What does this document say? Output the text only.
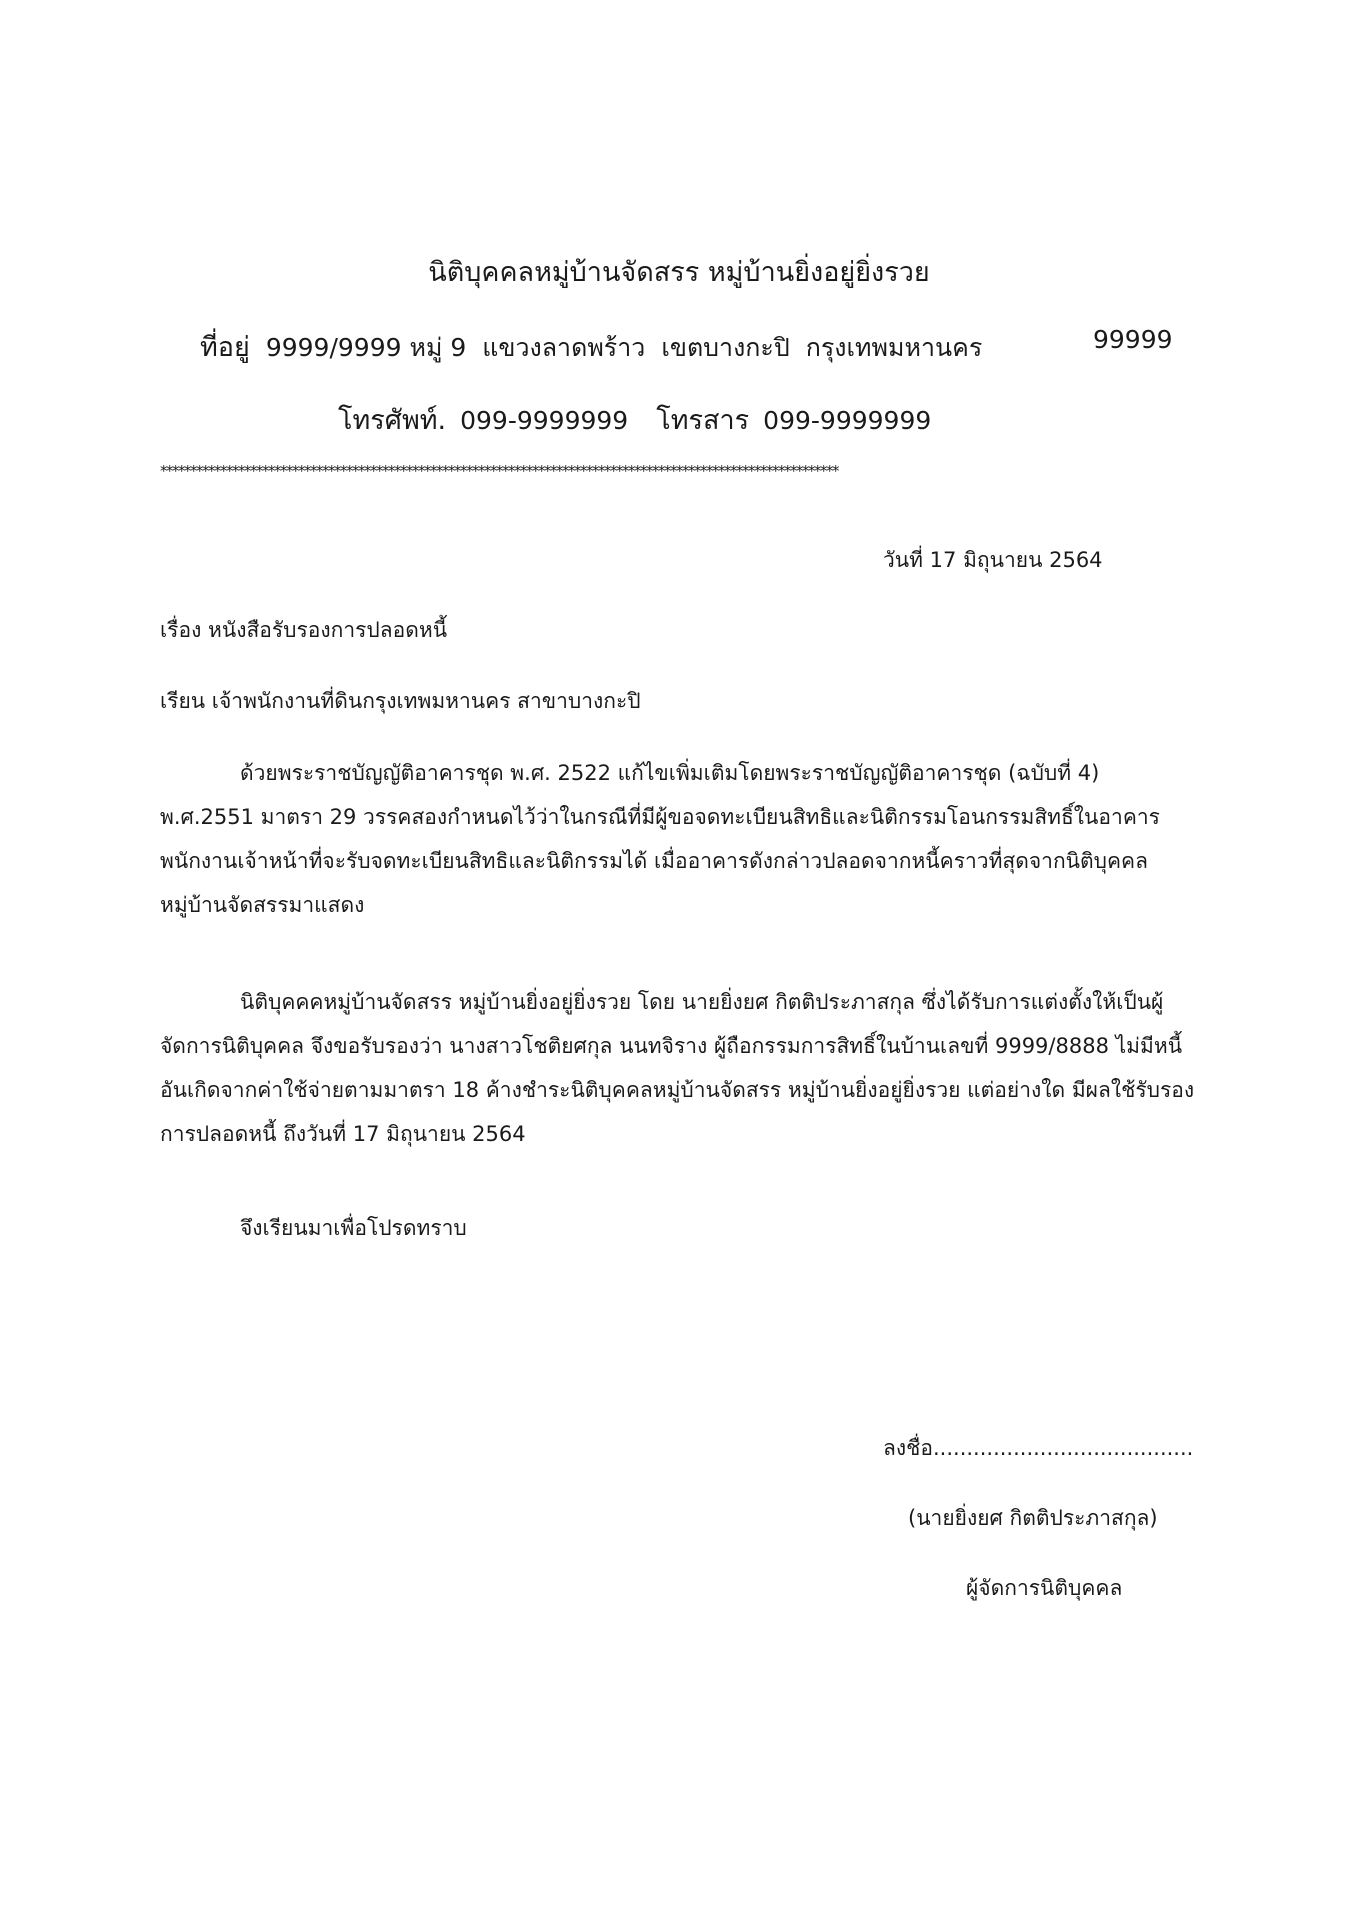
นิติบุคคลหมู่บ้านจัดสรร หมู่บ้านยิ่งอยู่ยิ่งรวย
ที่อยู่ 9999/9999 หมู่ 9 แขวงลาดพร้าว เขตบางกะปิ กรุงเทพมหานคร	99999
โทรศัพท์. 099-9999999 โทรสาร 099-9999999
*****************************************************************************************************************
วันที่ 17 มิถุนายน 2564
เรื่อง หนังสือรับรองการปลอดหนี้
เรียน เจ้าพนักงานที่ดินกรุงเทพมหานคร สาขาบางกะปิ
ด้วยพระราชบัญญัติอาคารชุด พ.ศ. 2522 แก้ไขเพิ่มเติมโดยพระราชบัญญัติอาคารชุด (ฉบับที่ 4) พ.ศ.2551 มาตรา 29 วรรคสองกำหนดไว้ว่าในกรณีที่มีผู้ขอจดทะเบียนสิทธิและนิติกรรมโอนกรรมสิทธิ์ในอาคาร พนักงานเจ้าหน้าที่จะรับจดทะเบียนสิทธิและนิติกรรมได้ เมื่ออาคารดังกล่าวปลอดจากหนี้คราวที่สุดจากนิติบุคคลหมู่บ้านจัดสรรมาแสดง
นิติบุคคคหมู่บ้านจัดสรร หมู่บ้านยิ่งอยู่ยิ่งรวย โดย นายยิ่งยศ กิตติประภาสกุล ซึ่งได้รับการแต่งตั้งให้เป็นผู้จัดการนิติบุคคล จึงขอรับรองว่า นางสาวโชติยศกุล นนทจิราง ผู้ถือกรรมการสิทธิ์ในบ้านเลขที่ 9999/8888 ไม่มีหนี้อันเกิดจากค่าใช้จ่ายตามมาตรา 18 ค้างชำระนิติบุคคลหมู่บ้านจัดสรร หมู่บ้านยิ่งอยู่ยิ่งรวย แต่อย่างใด มีผลใช้รับรองการปลอดหนี้ ถึงวันที่ 17 มิถุนายน 2564
จึงเรียนมาเพื่อโปรดทราบ
ลงชื่อ.......................................
(นายยิ่งยศ กิตติประภาสกุล)
ผู้จัดการนิติบุคคล
